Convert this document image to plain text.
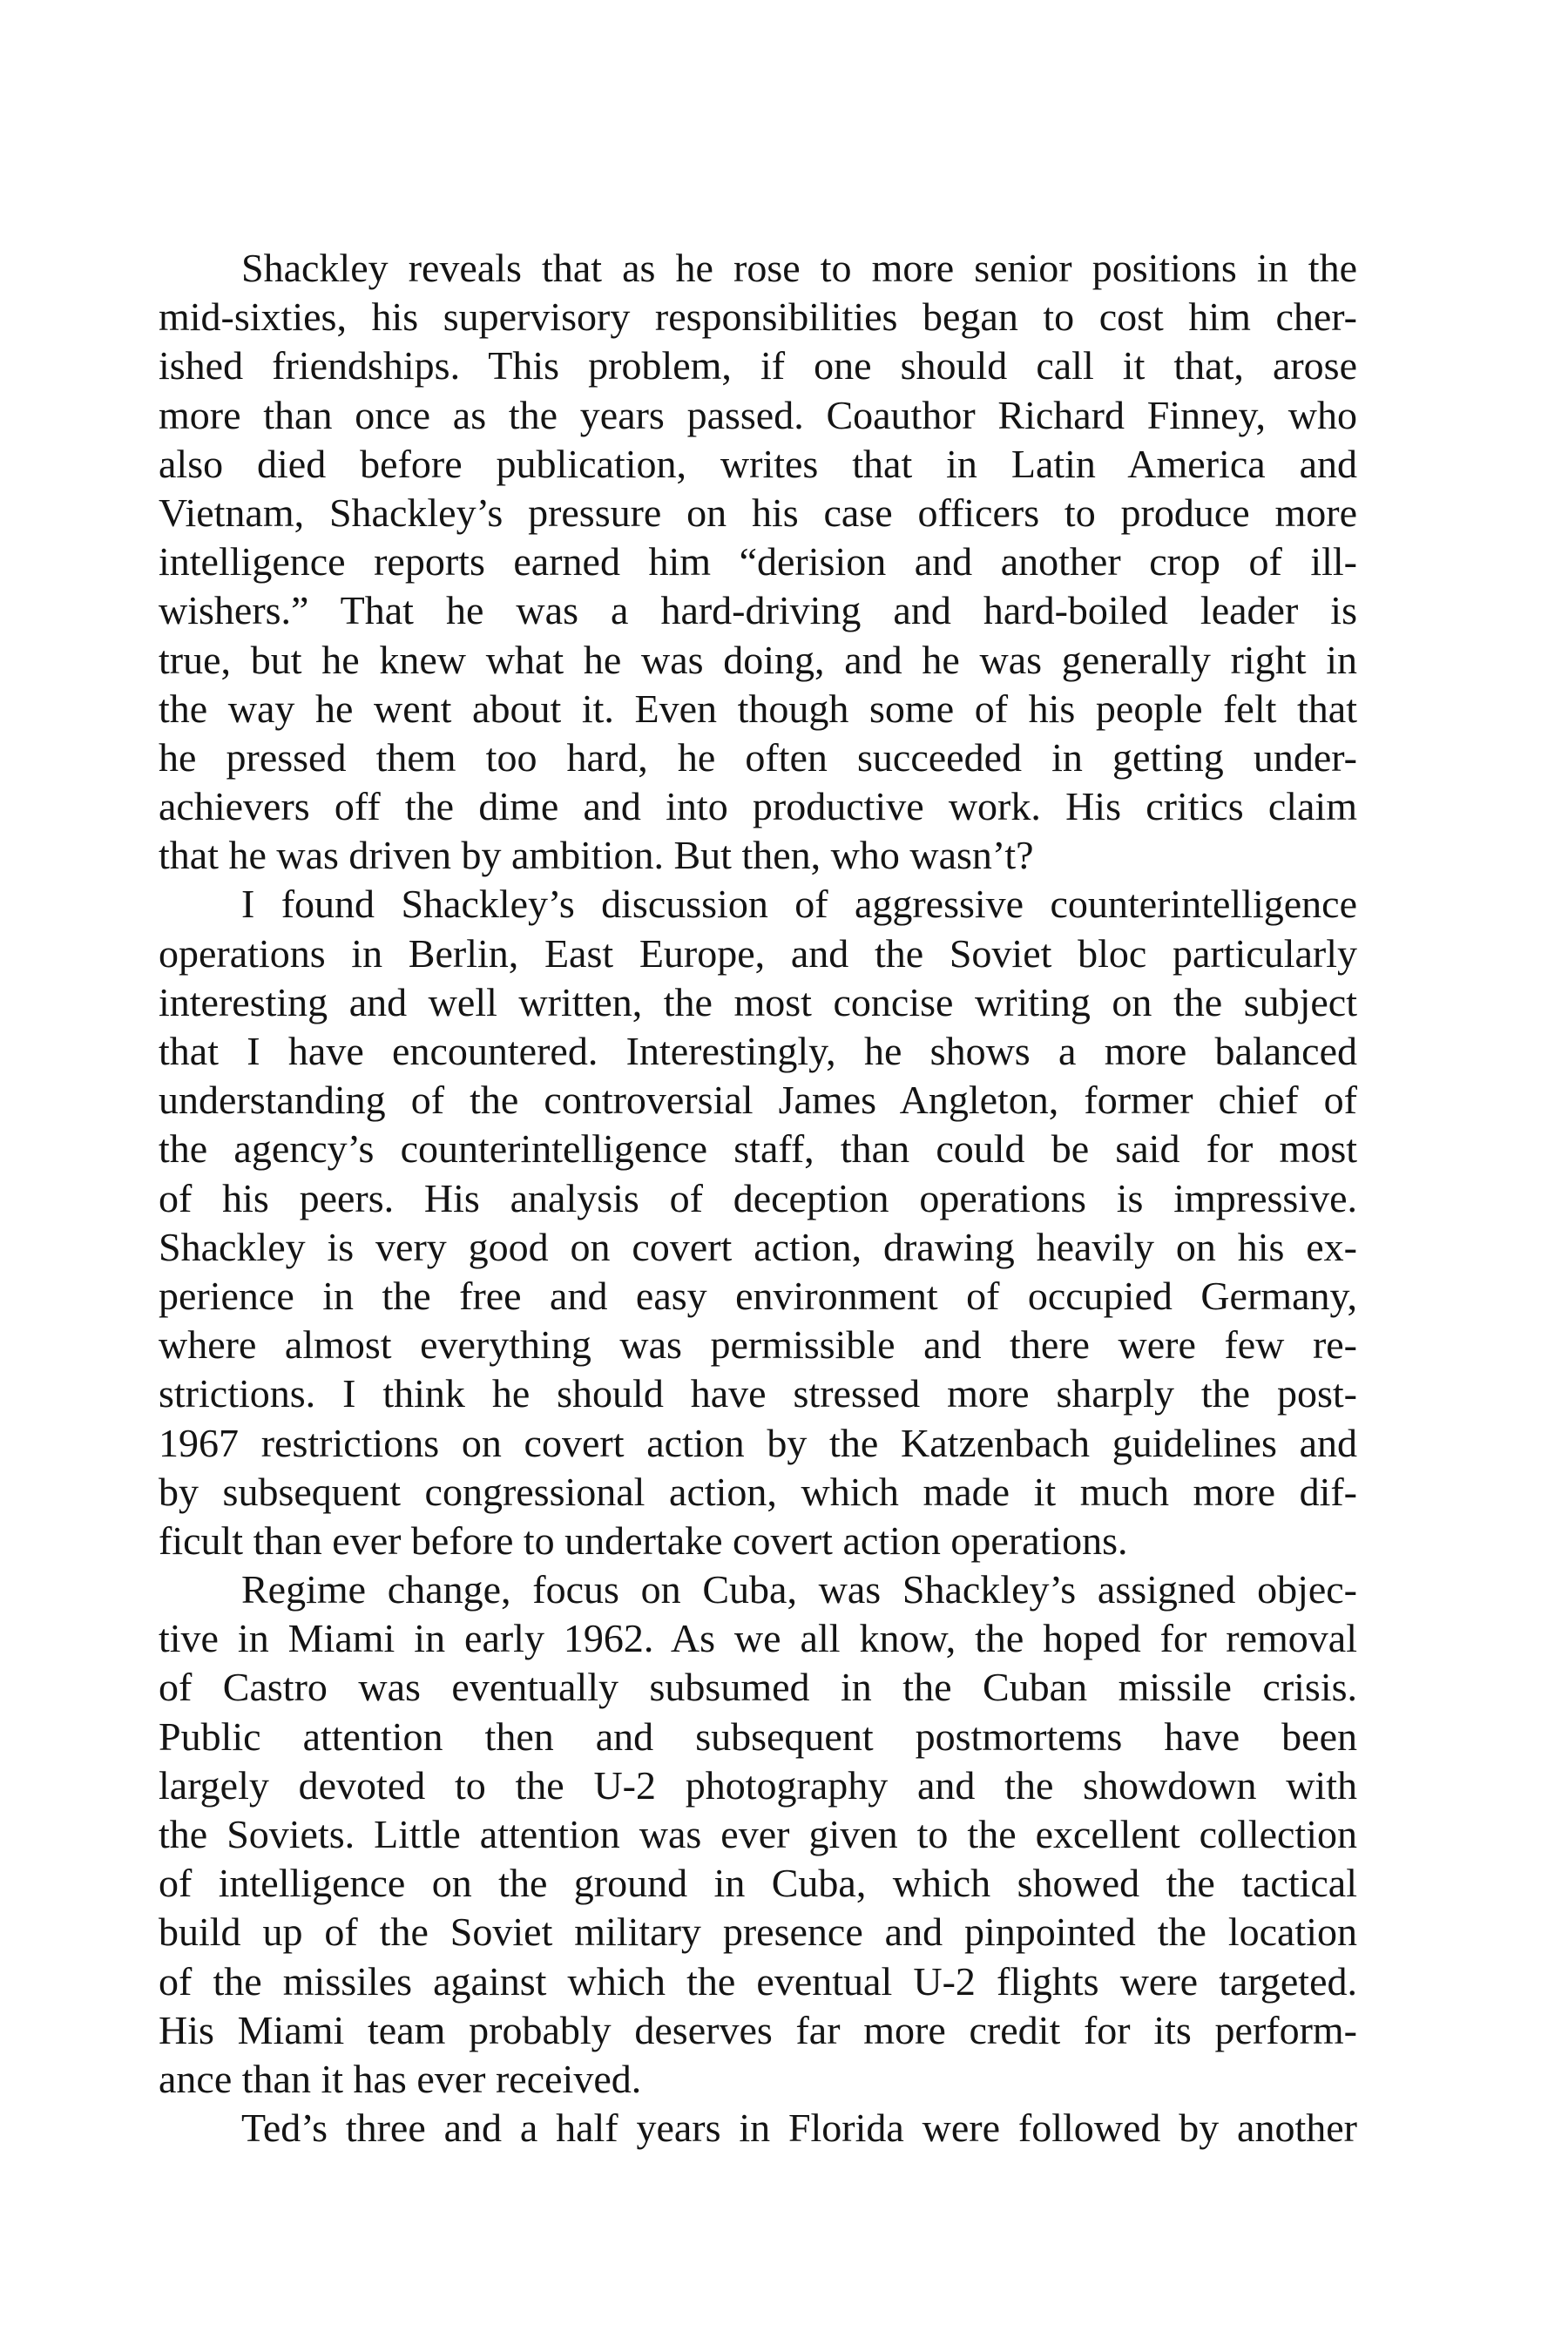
Shackley reveals that as he rose to more senior positions in the
mid-sixties, his supervisory responsibilities began to cost him cher-
ished friendships. This problem, if one should call it that, arose
more than once as the years passed. Coauthor Richard Finney, who
also died before publication, writes that in Latin America and
Vietnam, Shackley’s pressure on his case officers to produce more
intelligence reports earned him “derision and another crop of ill-
wishers.” That he was a hard-driving and hard-boiled leader is
true, but he knew what he was doing, and he was generally right in
the way he went about it. Even though some of his people felt that
he pressed them too hard, he often succeeded in getting under-
achievers off the dime and into productive work. His critics claim
that he was driven by ambition. But then, who wasn’t?
I found Shackley’s discussion of aggressive counterintelligence
operations in Berlin, East Europe, and the Soviet bloc particularly
interesting and well written, the most concise writing on the subject
that I have encountered. Interestingly, he shows a more balanced
understanding of the controversial James Angleton, former chief of
the agency’s counterintelligence staff, than could be said for most
of his peers. His analysis of deception operations is impressive.
Shackley is very good on covert action, drawing heavily on his ex-
perience in the free and easy environment of occupied Germany,
where almost everything was permissible and there were few re-
strictions. I think he should have stressed more sharply the post-
1967 restrictions on covert action by the Katzenbach guidelines and
by subsequent congressional action, which made it much more dif-
ficult than ever before to undertake covert action operations.
Regime change, focus on Cuba, was Shackley’s assigned objec-
tive in Miami in early 1962. As we all know, the hoped for removal
of Castro was eventually subsumed in the Cuban missile crisis.
Public attention then and subsequent postmortems have been
largely devoted to the U-2 photography and the showdown with
the Soviets. Little attention was ever given to the excellent collection
of intelligence on the ground in Cuba, which showed the tactical
build up of the Soviet military presence and pinpointed the location
of the missiles against which the eventual U-2 flights were targeted.
His Miami team probably deserves far more credit for its perform-
ance than it has ever received.
Ted’s three and a half years in Florida were followed by another
